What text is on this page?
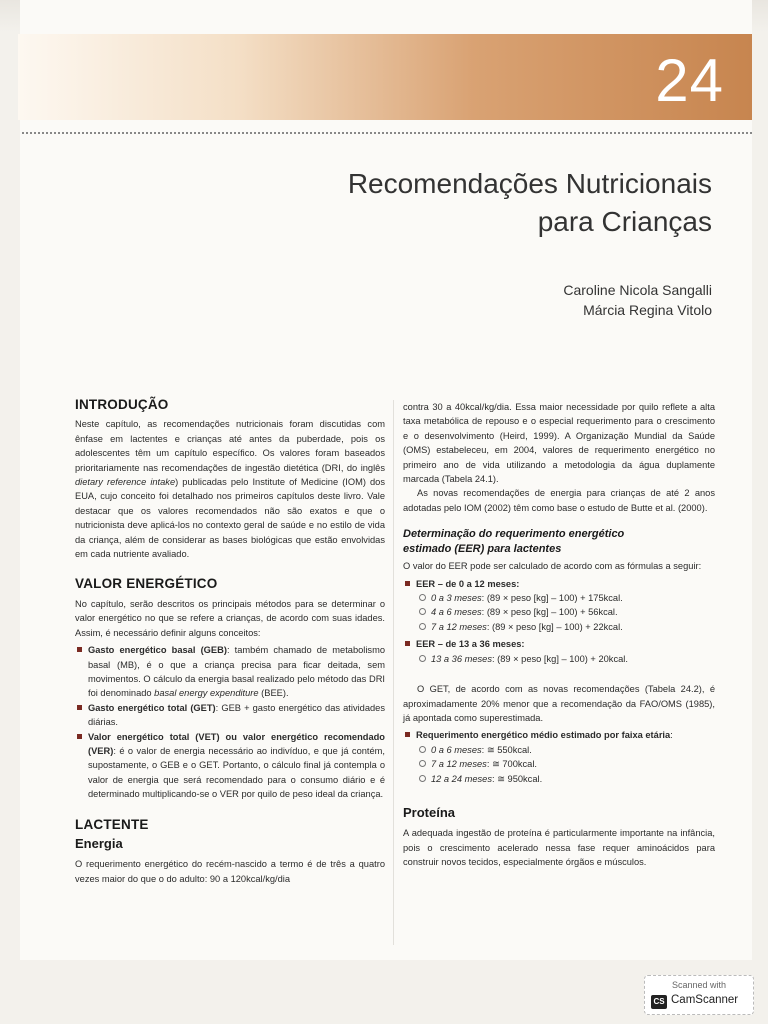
24
Recomendações Nutricionais
para Crianças
Caroline Nicola Sangalli
Márcia Regina Vitolo
INTRODUÇÃO

Neste capítulo, as recomendações nutricionais foram discutidas com ênfase em lactentes e crianças até antes da puberdade, pois os adolescentes têm um capítulo específico. Os valores foram baseados prioritariamente nas recomendações de ingestão dietética (DRI, do inglês dietary reference intake) publicadas pelo Institute of Medicine (IOM) dos EUA, cujo conceito foi detalhado nos primeiros capítulos deste livro. Vale destacar que os valores recomendados não são exatos e que o nutricionista deve aplicá-los no contexto geral de saúde e no estilo de vida da criança, além de considerar as bases biológicas que estão envolvidas em cada nutriente avaliado.

VALOR ENERGÉTICO

No capítulo, serão descritos os principais métodos para se determinar o valor energético no que se refere a crianças, de acordo com suas idades. Assim, é necessário definir alguns conceitos:

Gasto energético basal (GEB): também chamado de metabolismo basal (MB), é o que a criança precisa para ficar deitada, sem movimentos. O cálculo da energia basal realizado pelo método das DRI foi denominado basal energy expenditure (BEE).
Gasto energético total (GET): GEB + gasto energético das atividades diárias.
Valor energético total (VET) ou valor energético recomendado (VER): é o valor de energia necessário ao indivíduo, e que já contém, supostamente, o GEB e o GET. Portanto, o cálculo final já contempla o valor de energia que será recomendado para o consumo diário e é determinado multiplicando-se o VER por quilo de peso ideal da criança.
LACTENTE
Energia

O requerimento energético do recém-nascido a termo é de três a quatro vezes maior do que o do adulto: 90 a 120kcal/kg/dia

contra 30 a 40kcal/kg/dia. Essa maior necessidade por quilo reflete a alta taxa metabólica de repouso e o especial requerimento para o crescimento e o desenvolvimento (Heird, 1999). A Organização Mundial da Saúde (OMS) estabeleceu, em 2004, valores de requerimento energético no primeiro ano de vida utilizando a metodologia da água duplamente marcada (Tabela 24.1).

As novas recomendações de energia para crianças de até 2 anos adotadas pelo IOM (2002) têm como base o estudo de Butte et al. (2000).

Determinação do requerimento energético
estimado (EER) para lactentes

O valor do EER pode ser calculado de acordo com as fórmulas a seguir:

EER – de 0 a 12 meses:
0 a 3 meses: (89 × peso [kg] – 100) + 175kcal.
4 a 6 meses: (89 × peso [kg] – 100) + 56kcal.
7 a 12 meses: (89 × peso [kg] – 100) + 22kcal.
EER – de 13 a 36 meses:
13 a 36 meses: (89 × peso [kg] – 100) + 20kcal.

O GET, de acordo com as novas recomendações (Tabela 24.2), é aproximadamente 20% menor que a recomendação da FAO/OMS (1985), já apontada como superestimada.

Requerimento energético médio estimado por faixa etária:
0 a 6 meses: ≅ 550kcal.
7 a 12 meses: ≅ 700kcal.
12 a 24 meses: ≅ 950kcal.
Proteína

A adequada ingestão de proteína é particularmente importante na infância, pois o crescimento acelerado nessa fase requer aminoácidos para construir novos tecidos, especialmente órgãos e músculos.

Scanned with
CS CamScanner
